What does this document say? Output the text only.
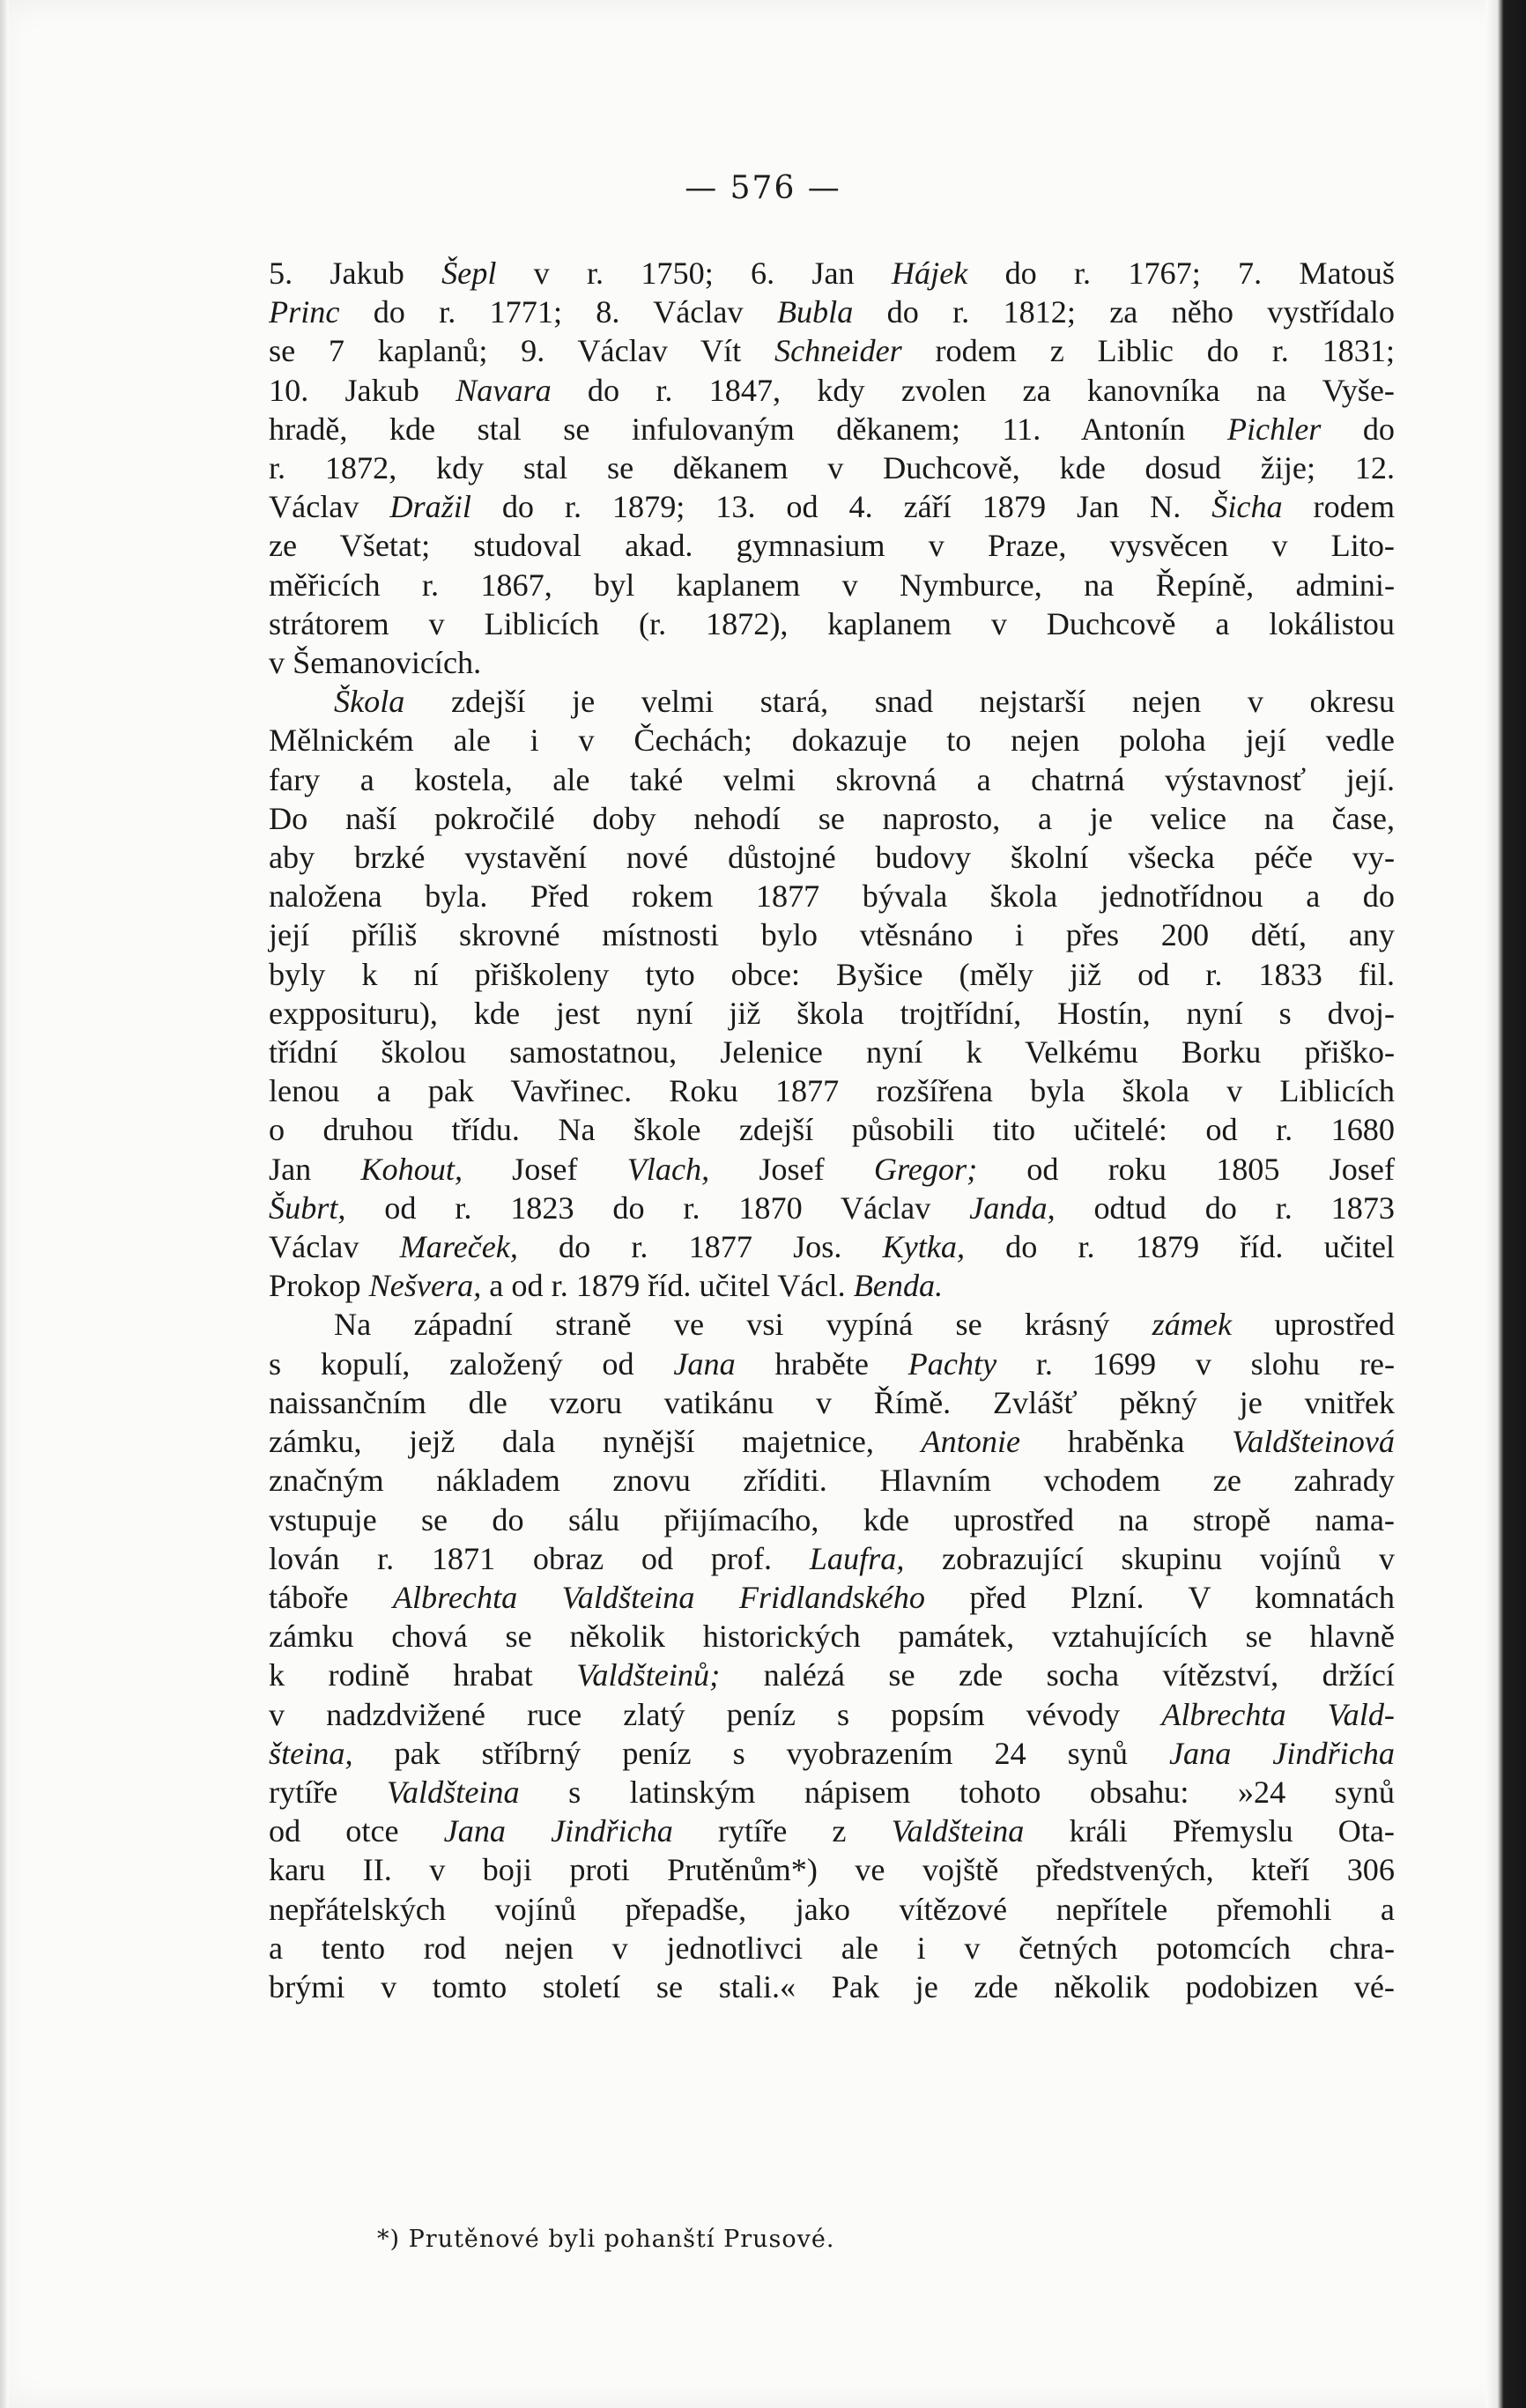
— 576 —
5. Jakub Šepl v r. 1750; 6. Jan Hájek do r. 1767; 7. Matouš
Princ do r. 1771; 8. Václav Bubla do r. 1812; za něho vystřídalo
se 7 kaplanů; 9. Václav Vít Schneider rodem z Liblic do r. 1831;
10. Jakub Navara do r. 1847, kdy zvolen za kanovníka na Vyše-
hradě, kde stal se infulovaným děkanem; 11. Antonín Pichler do
r. 1872, kdy stal se děkanem v Duchcově, kde dosud žije; 12.
Václav Dražil do r. 1879; 13. od 4. září 1879 Jan N. Šicha rodem
ze Všetat; studoval akad. gymnasium v Praze, vysvěcen v Lito-
měřicích r. 1867, byl kaplanem v Nymburce, na Řepíně, admini-
strátorem v Liblicích (r. 1872), kaplanem v Duchcově a lokálistou
v Šemanovicích.
Škola zdejší je velmi stará, snad nejstarší nejen v okresu
Mělnickém ale i v Čechách; dokazuje to nejen poloha její vedle
fary a kostela, ale také velmi skrovná a chatrná výstavnosť její.
Do naší pokročilé doby nehodí se naprosto, a je velice na čase,
aby brzké vystavění nové důstojné budovy školní všecka péče vy-
naložena byla. Před rokem 1877 bývala škola jednotřídnou a do
její příliš skrovné místnosti bylo vtěsnáno i přes 200 dětí, any
byly k ní přiškoleny tyto obce: Byšice (měly již od r. 1833 fil.
expposituru), kde jest nyní již škola trojtřídní, Hostín, nyní s dvoj-
třídní školou samostatnou, Jelenice nyní k Velkému Borku přiško-
lenou a pak Vavřinec. Roku 1877 rozšířena byla škola v Liblicích
o druhou třídu. Na škole zdejší působili tito učitelé: od r. 1680
Jan Kohout, Josef Vlach, Josef Gregor; od roku 1805 Josef
Šubrt, od r. 1823 do r. 1870 Václav Janda, odtud do r. 1873
Václav Mareček, do r. 1877 Jos. Kytka, do r. 1879 říd. učitel
Prokop Nešvera, a od r. 1879 říd. učitel Václ. Benda.
Na západní straně ve vsi vypíná se krásný zámek uprostřed
s kopulí, založený od Jana hraběte Pachty r. 1699 v slohu re-
naissančním dle vzoru vatikánu v Římě. Zvlášť pěkný je vnitřek
zámku, jejž dala nynější majetnice, Antonie hraběnka Valdšteinová
značným nákladem znovu zříditi. Hlavním vchodem ze zahrady
vstupuje se do sálu přijímacího, kde uprostřed na stropě nama-
lován r. 1871 obraz od prof. Laufra, zobrazující skupinu vojínů v
táboře Albrechta Valdšteina Fridlandského před Plzní. V komnatách
zámku chová se několik historických památek, vztahujících se hlavně
k rodině hrabat Valdšteinů; nalézá se zde socha vítězství, držící
v nadzdvižené ruce zlatý peníz s popsím vévody Albrechta Vald-
šteina, pak stříbrný peníz s vyobrazením 24 synů Jana Jindřicha
rytíře Valdšteina s latinským nápisem tohoto obsahu: »24 synů
od otce Jana Jindřicha rytíře z Valdšteina králi Přemyslu Ota-
karu II. v boji proti Prutěnům*) ve vojště předstvených, kteří 306
nepřátelských vojínů přepadše, jako vítězové nepřítele přemohli a
a tento rod nejen v jednotlivci ale i v četných potomcích chra-
brými v tomto století se stali.« Pak je zde několik podobizen vé-
*) Prutěnové byli pohanští Prusové.
